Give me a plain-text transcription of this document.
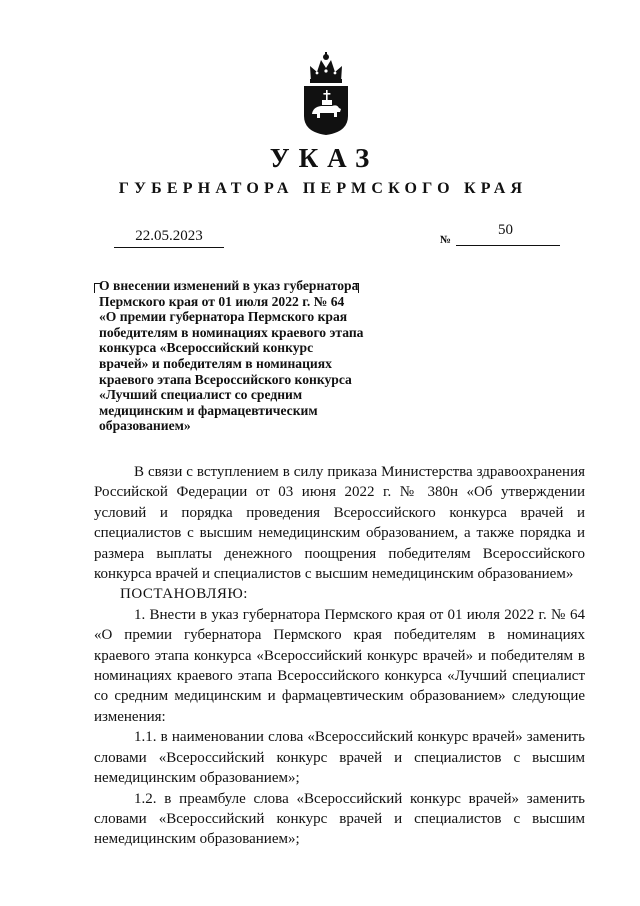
УКАЗ
ГУБЕРНАТОРА ПЕРМСКОГО КРАЯ
22.05.2023	№
50
О внесении изменений в указ губернатора
Пермского края от 01 июля 2022 г. № 64
«О премии губернатора Пермского края
победителям в номинациях краевого этапа
конкурса «Всероссийский конкурс
врачей» и победителям в номинациях
краевого этапа Всероссийского конкурса
«Лучший специалист со средним
медицинским и фармацевтическим
образованием»

В связи с вступлением в силу приказа Министерства здравоохранения Российской Федерации от 03 июня 2022 г. № 380н «Об утверждении условий и порядка проведения Всероссийского конкурса врачей и специалистов с высшим немедицинским образованием, а также порядка и размера выплаты денежного поощрения победителям Всероссийского конкурса врачей и специалистов с высшим немедицинским образованием»

ПОСТАНОВЛЯЮ:

1. Внести в указ губернатора Пермского края от 01 июля 2022 г. № 64 «О премии губернатора Пермского края победителям в номинациях краевого этапа конкурса «Всероссийский конкурс врачей» и победителям в номинациях краевого этапа Всероссийского конкурса «Лучший специалист со средним медицинским и фармацевтическим образованием» следующие изменения:

1.1. в наименовании слова «Всероссийский конкурс врачей» заменить словами «Всероссийский конкурс врачей и специалистов с высшим немедицинским образованием»;

1.2. в преамбуле слова «Всероссийский конкурс врачей» заменить словами «Всероссийский конкурс врачей и специалистов с высшим немедицинским образованием»;
